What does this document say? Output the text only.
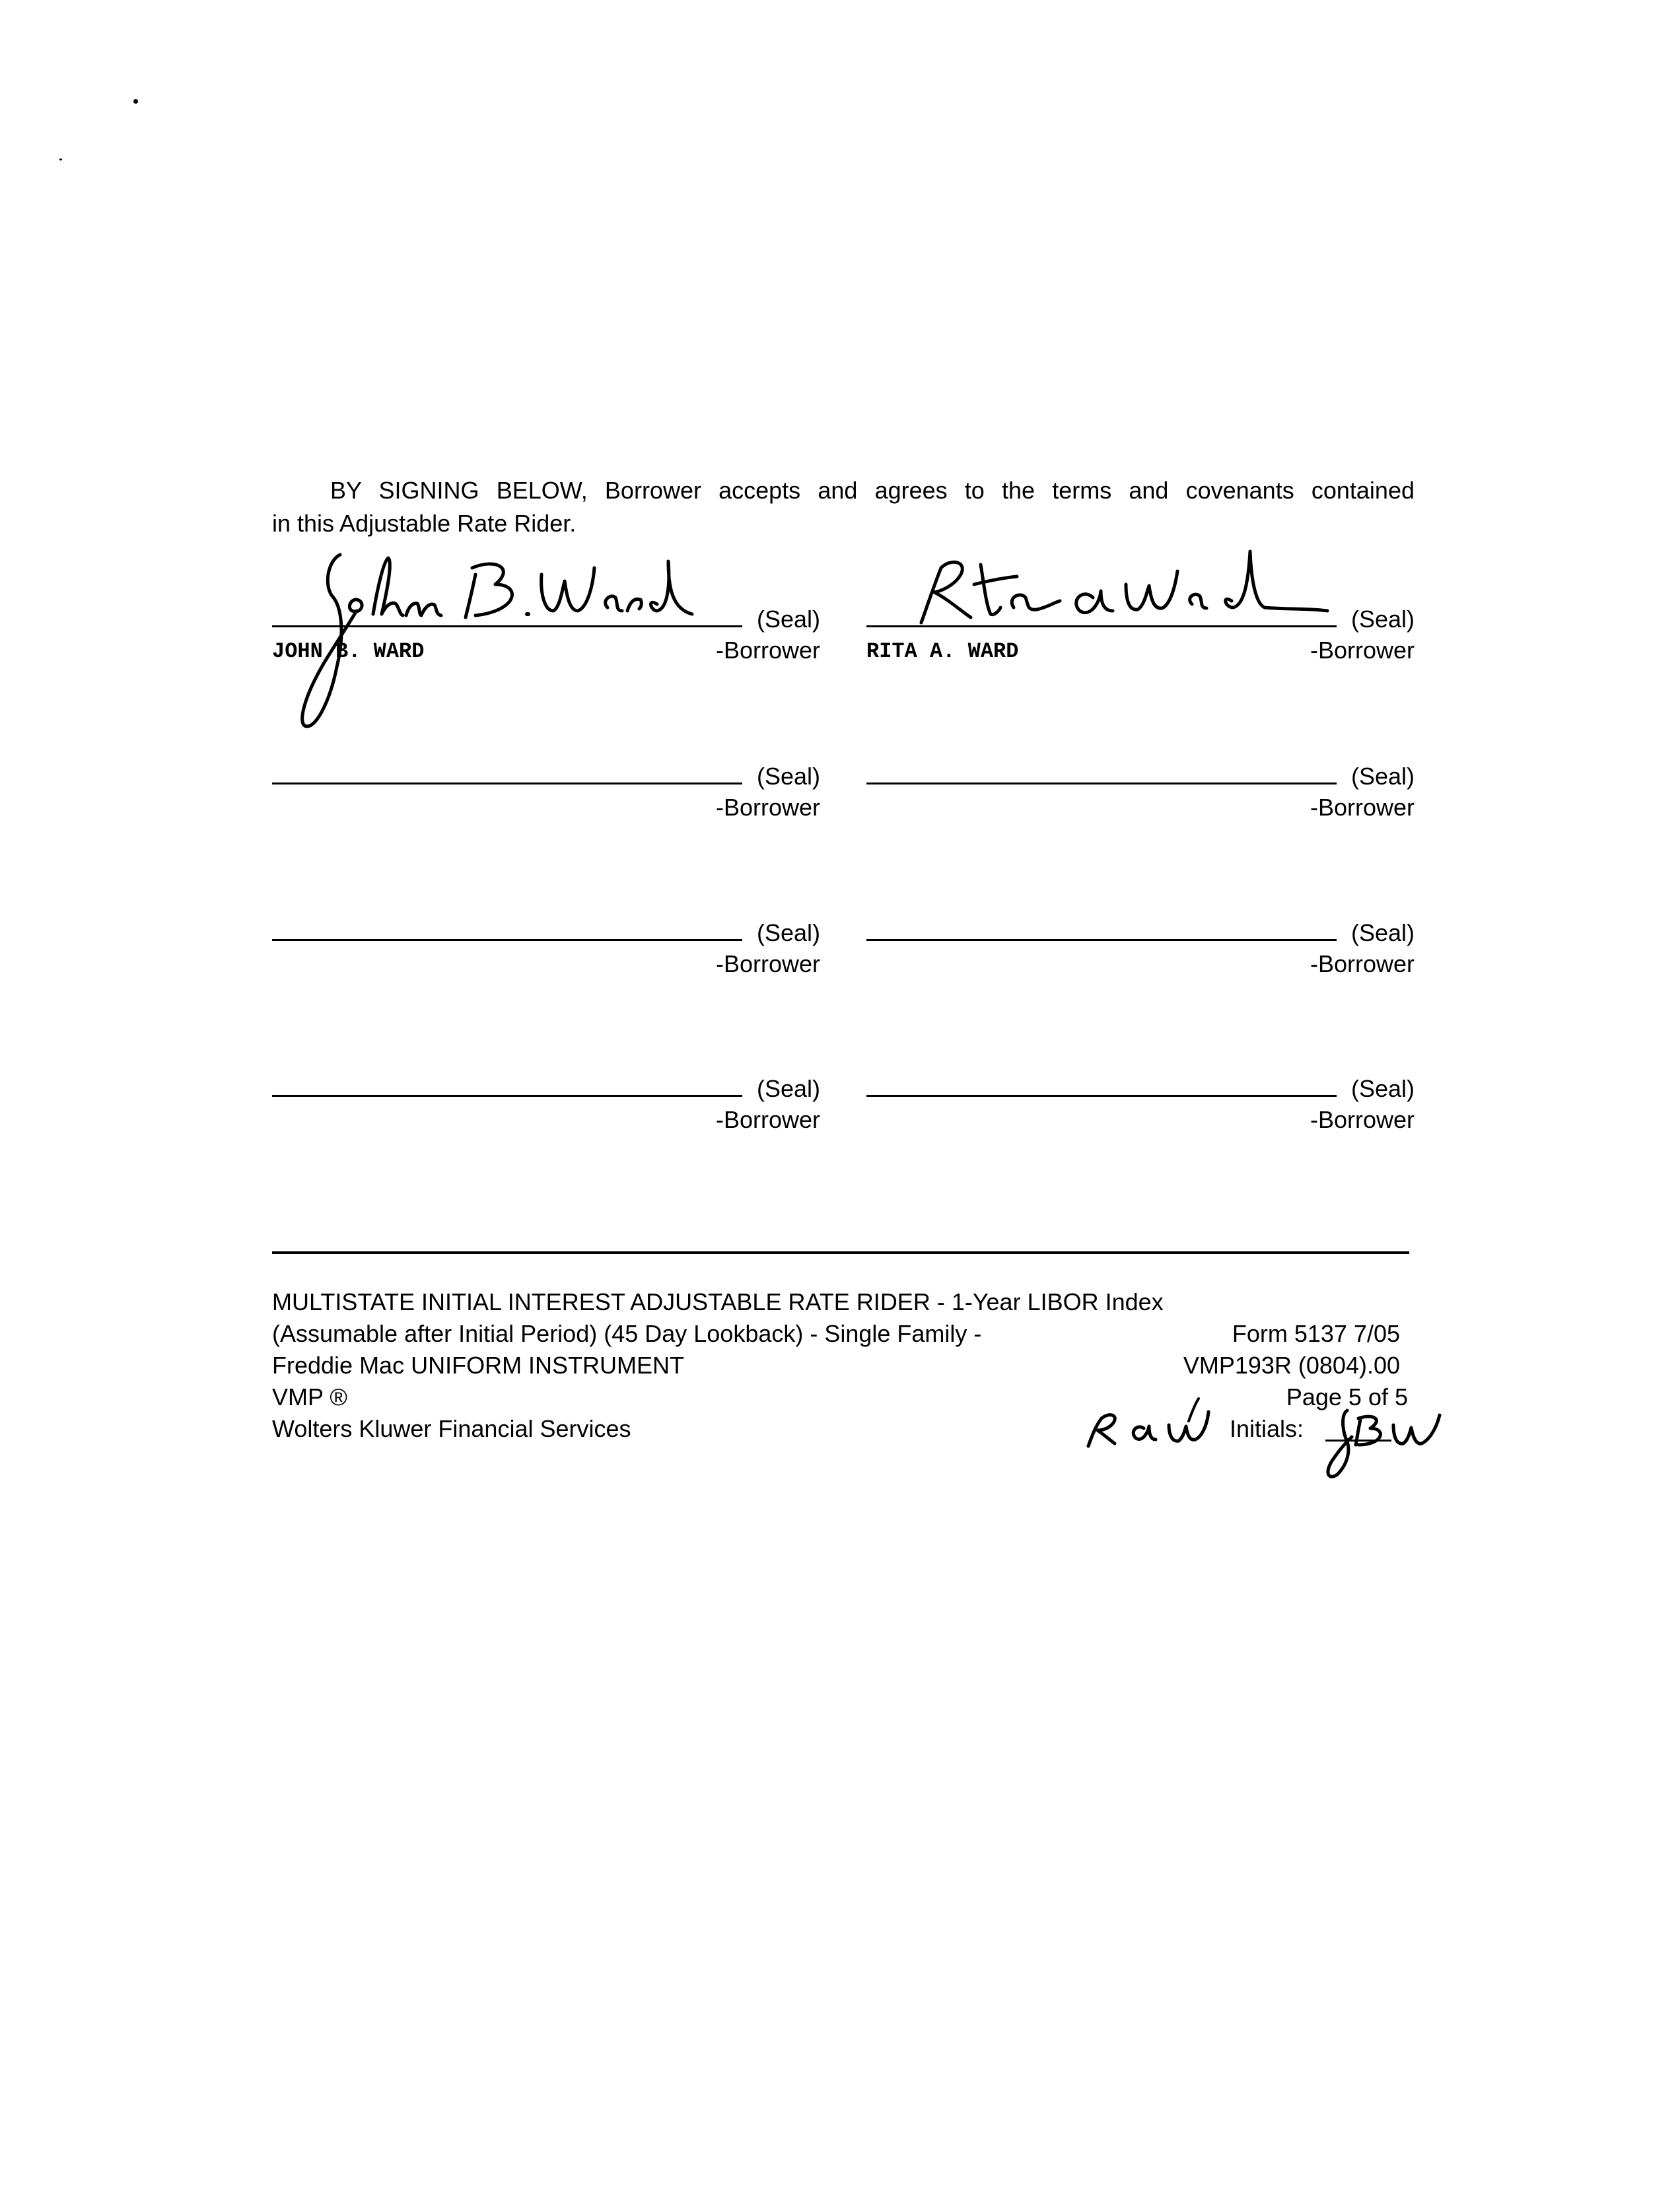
BY SIGNING BELOW, Borrower accepts and agrees to the terms and covenants contained
in this Adjustable Rate Rider.
(Seal)
-Borrower
JOHN B. WARD
(Seal)
-Borrower
RITA A. WARD
(Seal)
-Borrower
(Seal)
-Borrower
(Seal)
-Borrower
(Seal)
-Borrower
(Seal)
-Borrower
(Seal)
-Borrower
MULTISTATE INITIAL INTEREST ADJUSTABLE RATE RIDER - 1-Year LIBOR Index
(Assumable after Initial Period) (45 Day Lookback) - Single Family -
Freddie Mac UNIFORM INSTRUMENT
VMP ®
Wolters Kluwer Financial Services
Form 5137 7/05
VMP193R (0804).00
Page 5 of 5
Initials:
